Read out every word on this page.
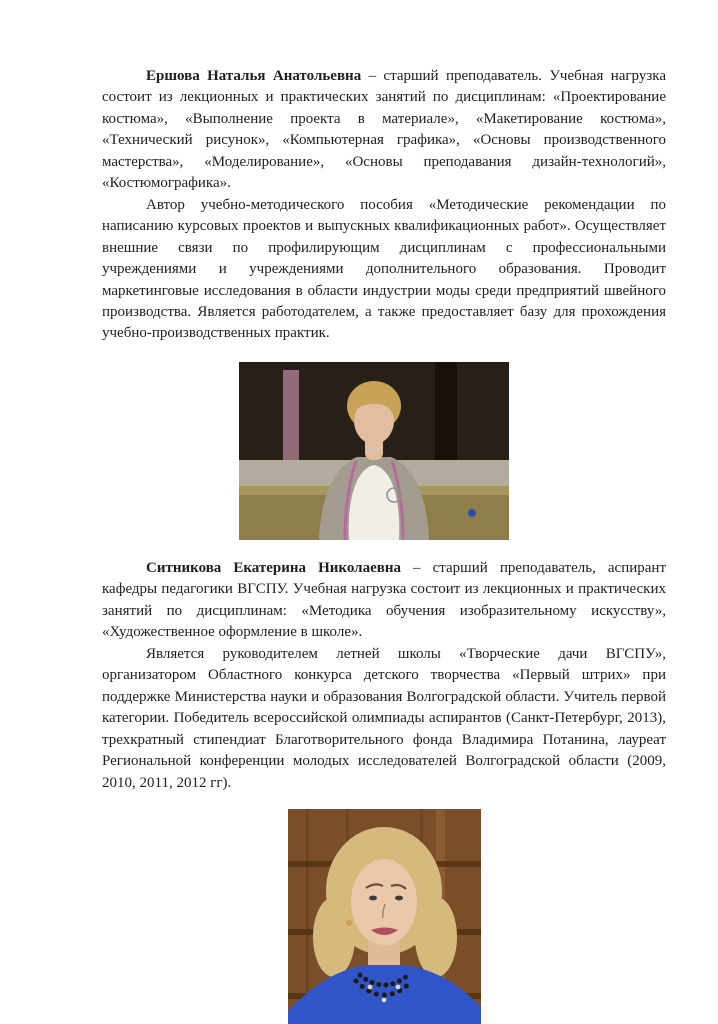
Ершова Наталья Анатольевна – старший преподаватель. Учебная нагрузка состоит из лекционных и практических занятий по дисциплинам: «Проектирование костюма», «Выполнение проекта в материале», «Макетирование костюма», «Технический рисунок», «Компьютерная графика», «Основы производственного мастерства», «Моделирование», «Основы преподавания дизайн-технологий», «Костюмографика».

Автор учебно-методического пособия «Методические рекомендации по написанию курсовых проектов и выпускных квалификационных работ». Осуществляет внешние связи по профилирующим дисциплинам с профессиональными учреждениями и учреждениями дополнительного образования. Проводит маркетинговые исследования в области индустрии моды среди предприятий швейного производства. Является работодателем, а также предоставляет базу для прохождения учебно-производственных практик.

Ситникова Екатерина Николаевна – старший преподаватель, аспирант кафедры педагогики ВГСПУ. Учебная нагрузка состоит из лекционных и практических занятий по дисциплинам: «Методика обучения изобразительному искусству», «Художественное оформление в школе».

Является руководителем летней школы «Творческие дачи ВГСПУ», организатором Областного конкурса детского творчества «Первый штрих» при поддержке Министерства науки и образования Волгоградской области. Учитель первой категории. Победитель всероссийской олимпиады аспирантов (Санкт-Петербург, 2013), трехкратный стипендиат Благотворительного фонда Владимира Потанина, лауреат Региональной конференции молодых исследователей Волгоградской области (2009, 2010, 2011, 2012 гг).
